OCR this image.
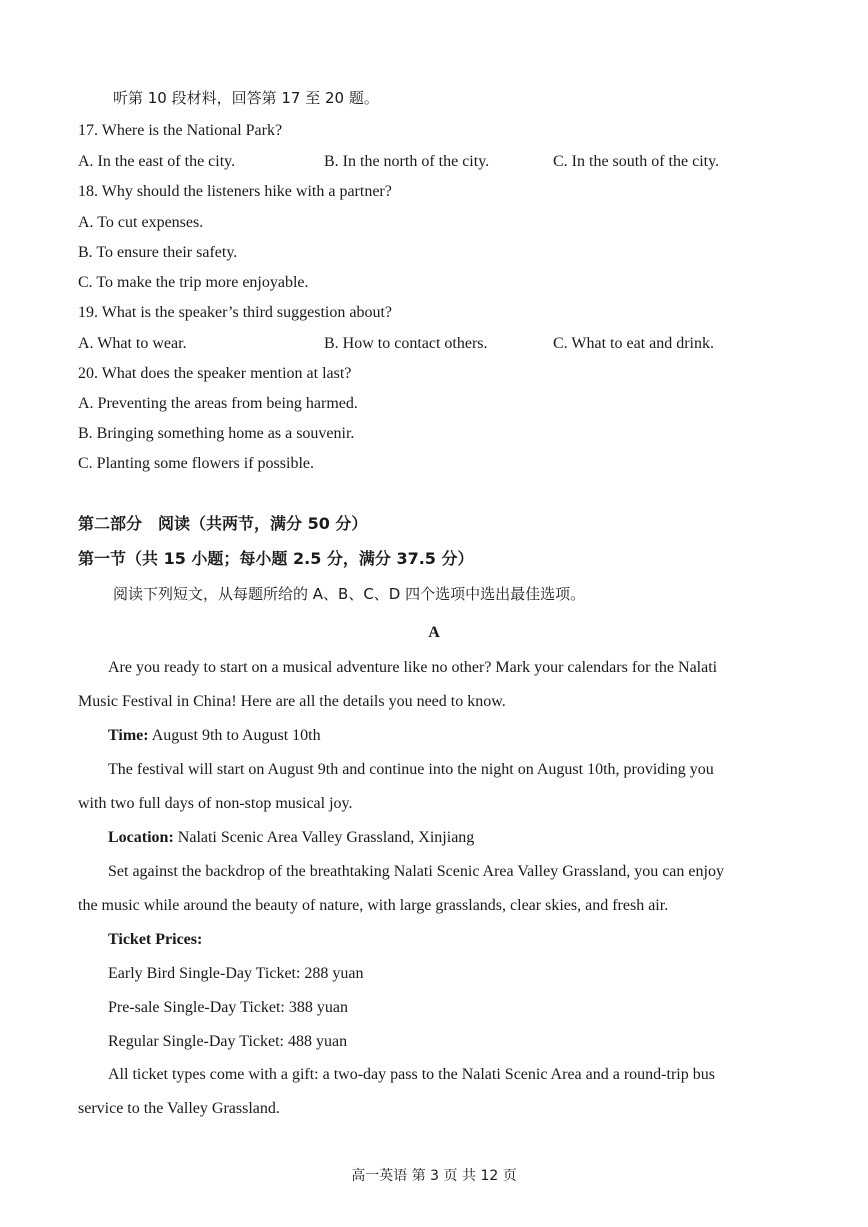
听第 10 段材料，回答第 17 至 20 题。
17. Where is the National Park?
A. In the east of the city.	B. In the north of the city.	C. In the south of the city.
18. Why should the listeners hike with a partner?
A. To cut expenses.
B. To ensure their safety.
C. To make the trip more enjoyable.
19. What is the speaker’s third suggestion about?
A. What to wear.	B. How to contact others.	C. What to eat and drink.
20. What does the speaker mention at last?
A. Preventing the areas from being harmed.
B. Bringing something home as a souvenir.
C. Planting some flowers if possible.
第二部分　阅读（共两节，满分 50 分）
第一节（共 15 小题；每小题 2.5 分，满分 37.5 分）
阅读下列短文，从每题所给的 A、B、C、D 四个选项中选出最佳选项。
A
Are you ready to start on a musical adventure like no other? Mark your calendars for the Nalati
Music Festival in China! Here are all the details you need to know.
Time: August 9th to August 10th
The festival will start on August 9th and continue into the night on August 10th, providing you
with two full days of non-stop musical joy.
Location: Nalati Scenic Area Valley Grassland, Xinjiang
Set against the backdrop of the breathtaking Nalati Scenic Area Valley Grassland, you can enjoy
the music while around the beauty of nature, with large grasslands, clear skies, and fresh air.
Ticket Prices:
Early Bird Single-Day Ticket: 288 yuan
Pre-sale Single-Day Ticket: 388 yuan
Regular Single-Day Ticket: 488 yuan
All ticket types come with a gift: a two-day pass to the Nalati Scenic Area and a round-trip bus
service to the Valley Grassland.
高一英语 第 3 页 共 12 页
